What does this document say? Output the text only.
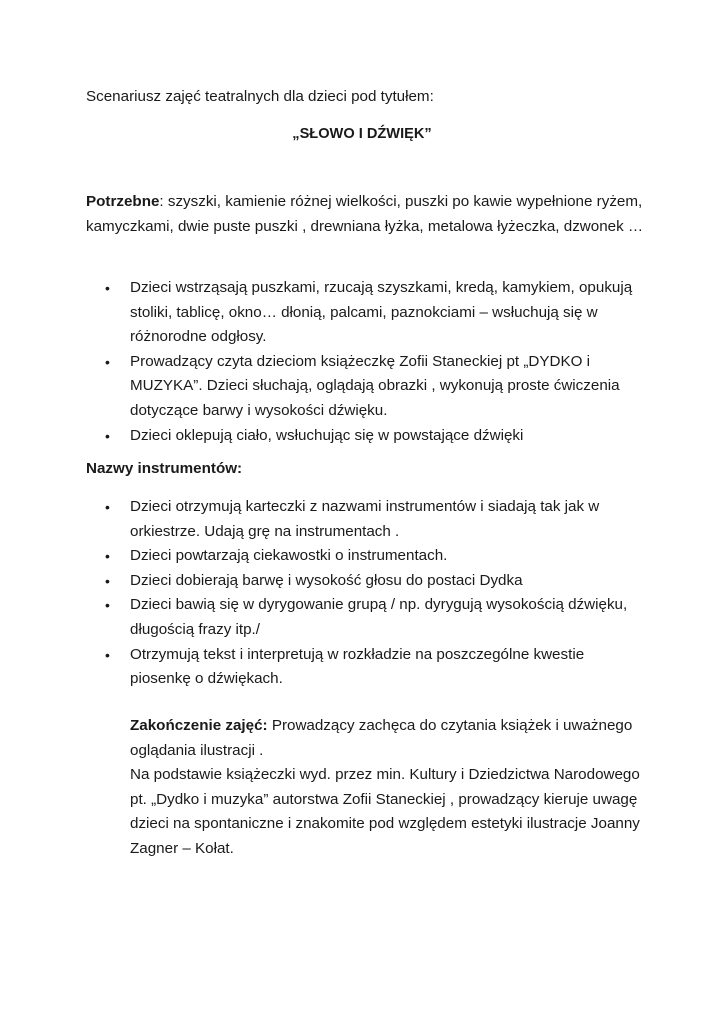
Scenariusz zajęć teatralnych dla dzieci pod tytułem:
„SŁOWO I DŹWIĘK”
Potrzebne: szyszki, kamienie różnej wielkości, puszki po kawie wypełnione ryżem, kamyczkami, dwie puste puszki , drewniana łyżka, metalowa łyżeczka, dzwonek …
• Dzieci wstrząsają puszkami, rzucają szyszkami, kredą, kamykiem, opukują stoliki, tablicę, okno… dłonią, palcami, paznokciami – wsłuchują się w różnorodne odgłosy.
• Prowadzący czyta dzieciom książeczkę Zofii Staneckiej pt „DYDKO i MUZYKA”. Dzieci słuchają, oglądają obrazki , wykonują proste ćwiczenia dotyczące barwy i wysokości dźwięku.
• Dzieci oklepują ciało, wsłuchując się w powstające dźwięki
Nazwy instrumentów:
• Dzieci otrzymują karteczki z nazwami instrumentów i siadają tak jak w orkiestrze. Udają grę na instrumentach .
• Dzieci powtarzają ciekawostki o instrumentach.
• Dzieci dobierają barwę i wysokość głosu do postaci Dydka
• Dzieci bawią się w dyrygowanie grupą / np. dyrygują wysokością dźwięku, długością frazy itp./
• Otrzymują tekst i interpretują w rozkładzie na poszczególne kwestie piosenkę o dźwiękach.
Zakończenie zajęć: Prowadzący zachęca do czytania książek i uważnego oglądania ilustracji .
Na podstawie książeczki wyd. przez min. Kultury i Dziedzictwa Narodowego pt. „Dydko i muzyka” autorstwa Zofii Staneckiej , prowadzący kieruje uwagę dzieci na spontaniczne i znakomite pod względem estetyki ilustracje Joanny Zagner – Kołat.
